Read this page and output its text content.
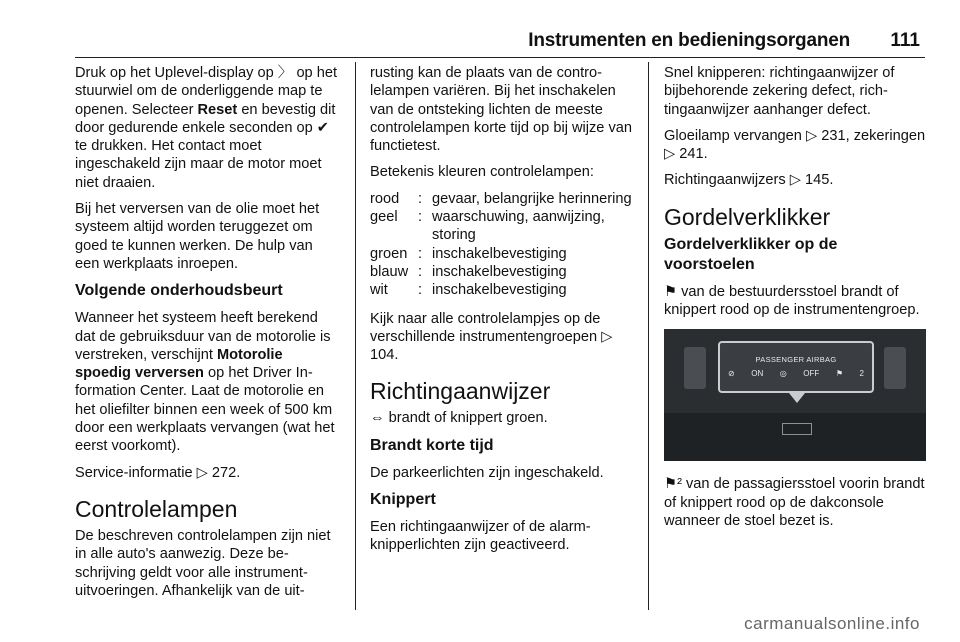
Instrumenten en bedieningsorganen 111

Druk op het Uplevel-display op 〉 op het stuurwiel om de onderliggende map te openen. Selecteer Reset en bevestig dit door gedurende enkele seconden op ✔ te drukken. Het contact moet ingeschakeld zijn maar de motor moet niet draaien.

Bij het verversen van de olie moet het systeem altijd worden teruggezet om goed te kunnen werken. De hulp van een werkplaats inroepen.

Volgende onderhoudsbeurt

Wanneer het systeem heeft berekend dat de gebruiksduur van de motorolie is verstreken, verschijnt Motorolie spoedig verversen op het Driver Information Center. Laat de motorolie en het oliefilter binnen een week of 500 km door een werkplaats vervangen (wat het eerst voorkomt).

Service-informatie ▷ 272.

Controlelampen

De beschreven controlelampen zijn niet in alle auto's aanwezig. Deze beschrijving geldt voor alle instrumentuitvoeringen. Afhankelijk van de uit-

rusting kan de plaats van de controlelampen variëren. Bij het inschakelen van de ontsteking lichten de meeste controlelampen korte tijd op bij wijze van functietest.

Betekenis kleuren controlelampen:

rood	: gevaar, belangrijke herinnering
geel	: waarschuwing, aanwijzing, storing
groen : inschakelbevestiging
blauw : inschakelbevestiging
wit	: inschakelbevestiging

Kijk naar alle controlelampjes op de verschillende instrumentengroepen ▷ 104.

Richtingaanwijzer

⇔ brandt of knippert groen.

Brandt korte tijd

De parkeerlichten zijn ingeschakeld.

Knippert

Een richtingaanwijzer of de alarmknipperlichten zijn geactiveerd.

Snel knipperen: richtingaanwijzer of bijbehorende zekering defect, richtingaanwijzer aanhanger defect.

Gloeilamp vervangen ▷ 231, zekeringen ▷ 241.

Richtingaanwijzers ▷ 145.

Gordelverklikker
Gordelverklikker op de voorstoelen

⚑ van de bestuurdersstoel brandt of knippert rood op de instrumentengroep.

PASSENGER AIRBAG
⊘ ON ◎ OFF ⚑ 2

⚑² van de passagiersstoel voorin brandt of knippert rood op de dakconsole wanneer de stoel bezet is.

carmanualsonline.info
